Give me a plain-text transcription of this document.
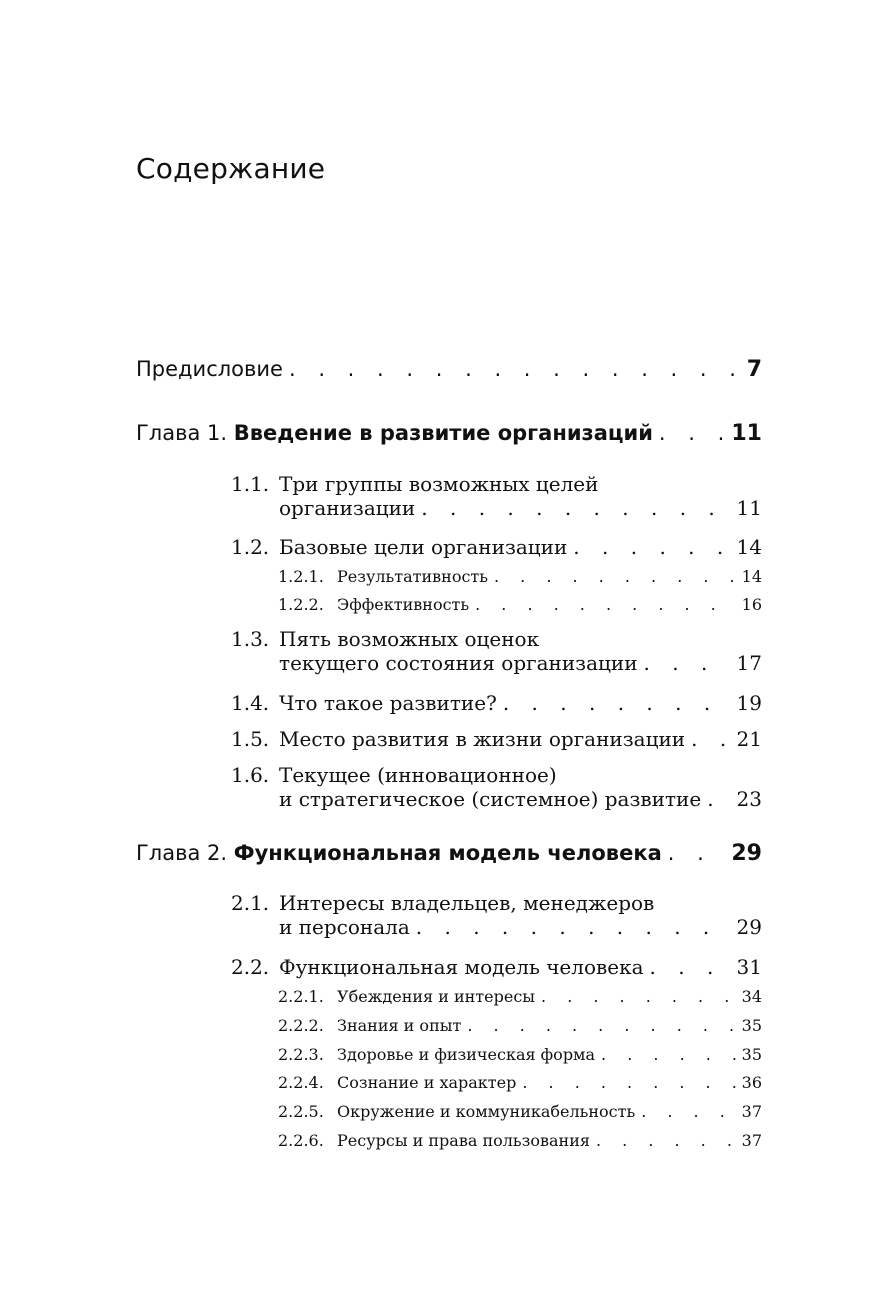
Содержание
Предисловие . . .	7
Глава 1. Введение в развитие организаций . . .	11
1.1. Три группы возможных целей
организации . . .	11
1.2. Базовые цели организации . . .	14
1.2.1. Результативность . . .	14
1.2.2. Эффективность . . .	16
1.3. Пять возможных оценок
текущего состояния организации . . .	17
1.4. Что такое развитие? . . .	19
1.5. Место развития в жизни организации . . .	21
1.6. Текущее (инновационное)
и стратегическое (системное) развитие . . . 23
Глава 2. Функциональная модель человека . . .	29
2.1. Интересы владельцев, менеджеров
и персонала . . .	29
2.2. Функциональная модель человека . . .	31
2.2.1. Убеждения и интересы . . .	34
2.2.2. Знания и опыт . . .	35
2.2.3. Здоровье и физическая форма . . .	35
2.2.4. Сознание и характер . . .	36
2.2.5. Окружение и коммуникабельность . . .	37
2.2.6. Ресурсы и права пользования . . .	37
